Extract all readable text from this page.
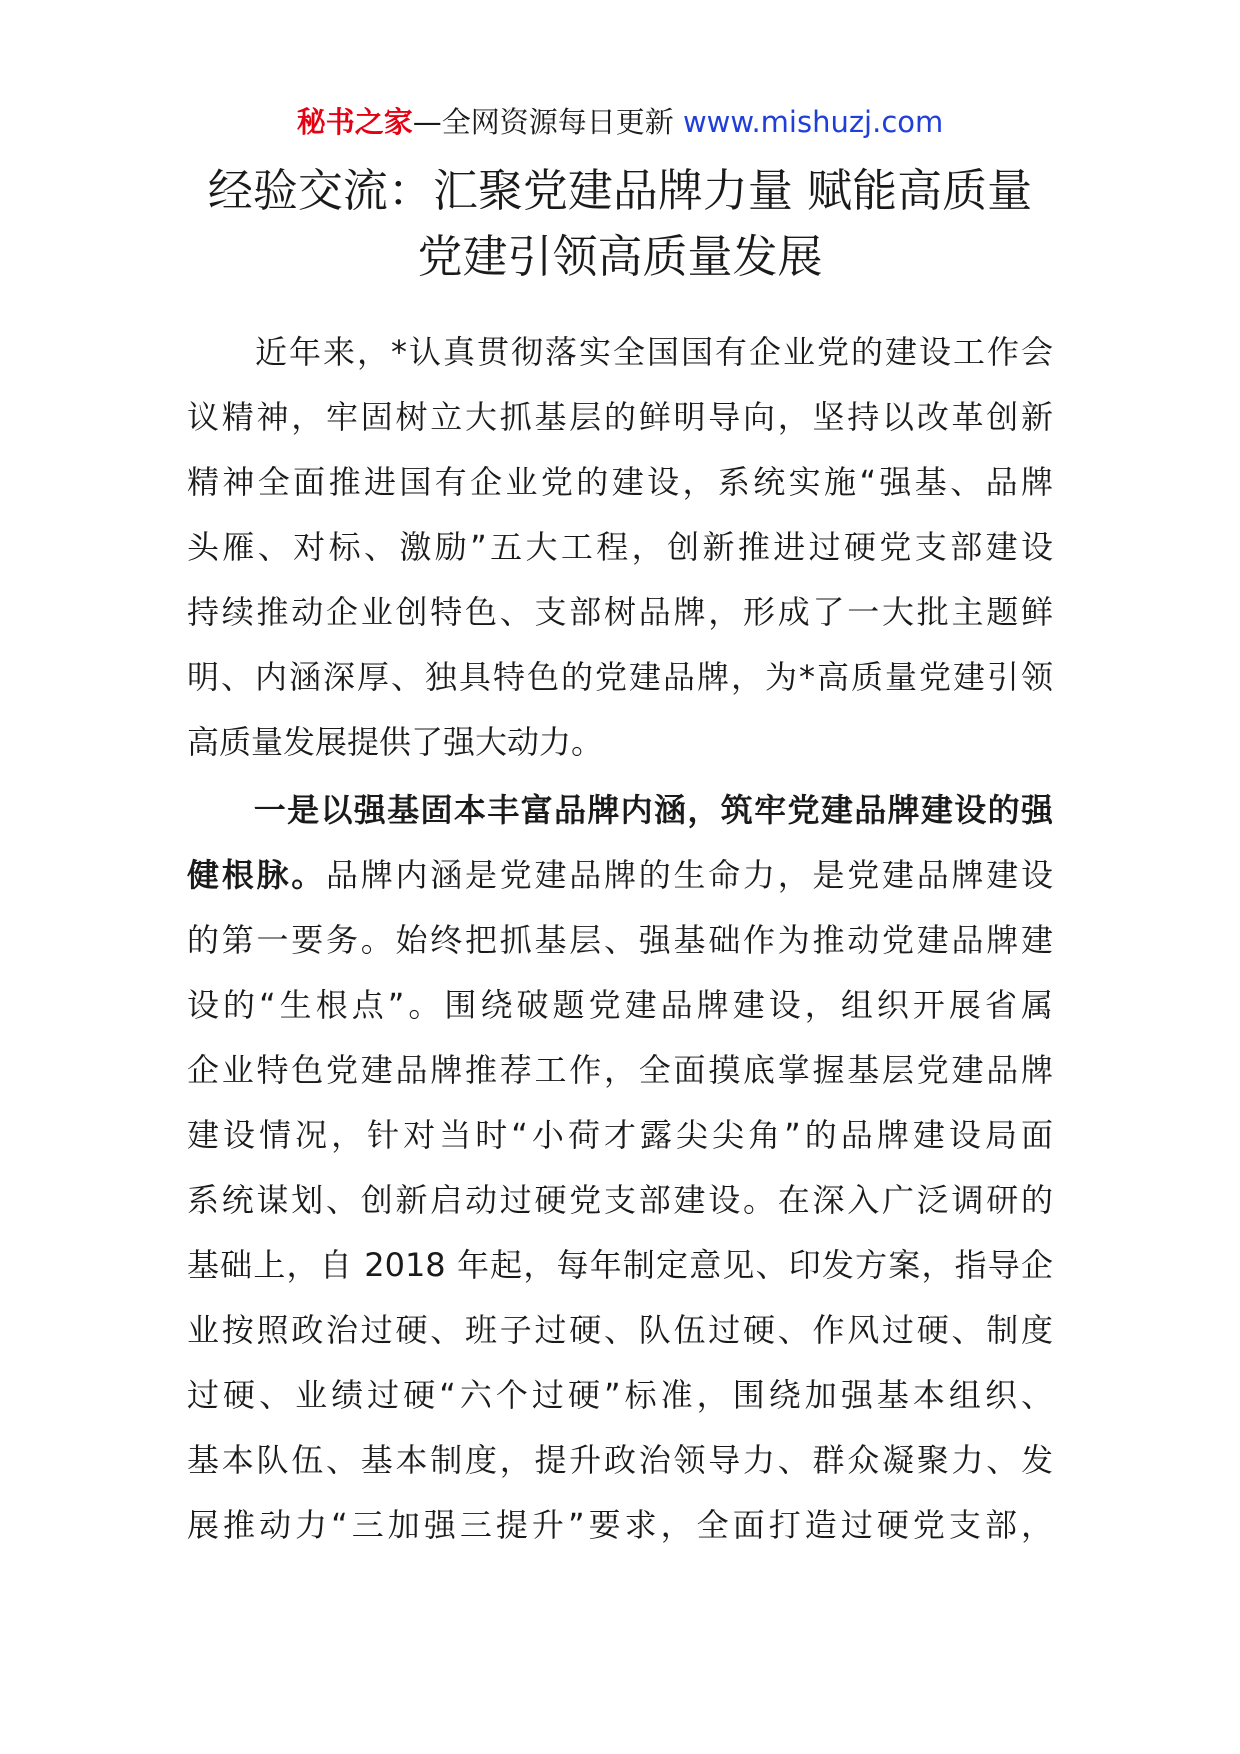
秘书之家—全网资源每日更新 www.mishuzj.com
经验交流：汇聚党建品牌力量 赋能高质量
党建引领高质量发展

　　近年来，*认真贯彻落实全国国有企业党的建设工作会
议精神，牢固树立大抓基层的鲜明导向，坚持以改革创新
精神全面推进国有企业党的建设，系统实施“强基、品牌
头雁、对标、激励”五大工程，创新推进过硬党支部建设
持续推动企业创特色、支部树品牌，形成了一大批主题鲜
明、内涵深厚、独具特色的党建品牌，为*高质量党建引领
高质量发展提供了强大动力。

　　一是以强基固本丰富品牌内涵，筑牢党建品牌建设的强
健根脉。品牌内涵是党建品牌的生命力，是党建品牌建设
的第一要务。始终把抓基层、强基础作为推动党建品牌建
设的“生根点”。围绕破题党建品牌建设，组织开展省属
企业特色党建品牌推荐工作，全面摸底掌握基层党建品牌
建设情况，针对当时“小荷才露尖尖角”的品牌建设局面
系统谋划、创新启动过硬党支部建设。在深入广泛调研的
基础上，自 2018 年起，每年制定意见、印发方案，指导企
业按照政治过硬、班子过硬、队伍过硬、作风过硬、制度
过硬、业绩过硬“六个过硬”标准，围绕加强基本组织、
基本队伍、基本制度，提升政治领导力、群众凝聚力、发
展推动力“三加强三提升”要求，全面打造过硬党支部，
